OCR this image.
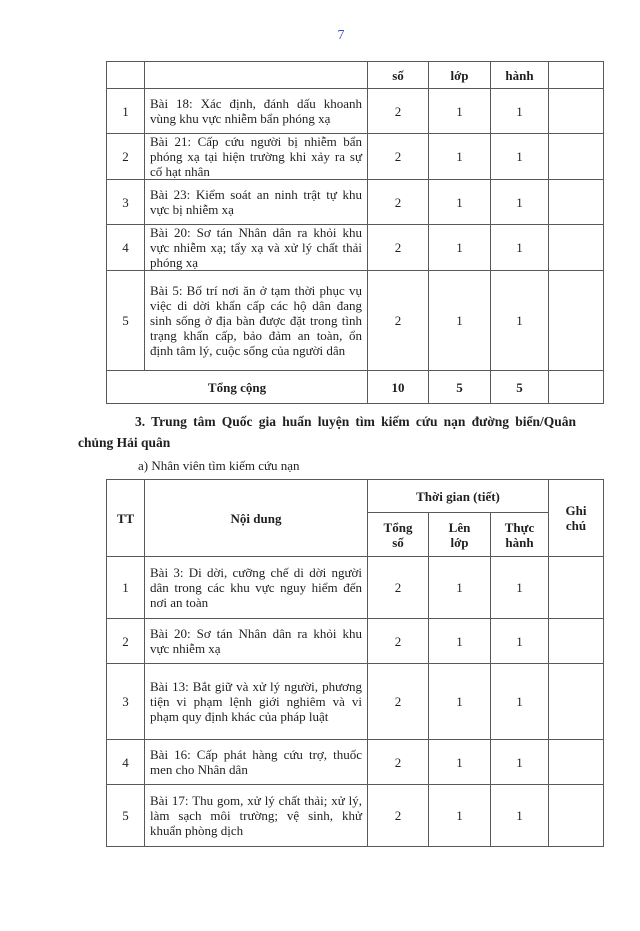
7
		số	lớp	hành	
1	Bài 18: Xác định, đánh dấu khoanh vùng khu vực nhiễm bẩn phóng xạ	2	1	1	
2	Bài 21: Cấp cứu người bị nhiễm bẩn phóng xạ tại hiện trường khi xảy ra sự cố hạt nhân	2	1	1	
3	Bài 23: Kiểm soát an ninh trật tự khu vực bị nhiễm xạ	2	1	1	
4	Bài 20: Sơ tán Nhân dân ra khỏi khu vực nhiễm xạ; tẩy xạ và xử lý chất thải phóng xạ	2	1	1	
5	Bài 5: Bố trí nơi ăn ở tạm thời phục vụ việc di dời khẩn cấp các hộ dân đang sinh sống ở địa bàn được đặt trong tình trạng khẩn cấp, bảo đảm an toàn, ổn định tâm lý, cuộc sống của người dân	2	1	1	
Tổng cộng		10	5	5	

3. Trung tâm Quốc gia huấn luyện tìm kiếm cứu nạn đường biển/Quân chủng Hải quân

a) Nhân viên tìm kiếm cứu nạn

TT	Nội dung	Thời gian (tiết)			Ghi chú
		Tổng số	Lên lớp	Thực hành	
1	Bài 3: Di dời, cưỡng chế di dời người dân trong các khu vực nguy hiểm đến nơi an toàn	2	1	1	
2	Bài 20: Sơ tán Nhân dân ra khỏi khu vực nhiễm xạ	2	1	1	
3	Bài 13: Bắt giữ và xử lý người, phương tiện vi phạm lệnh giới nghiêm và vi phạm quy định khác của pháp luật	2	1	1	
4	Bài 16: Cấp phát hàng cứu trợ, thuốc men cho Nhân dân	2	1	1	
5	Bài 17: Thu gom, xử lý chất thải; xử lý, làm sạch môi trường; vệ sinh, khử khuẩn phòng dịch	2	1	1	
